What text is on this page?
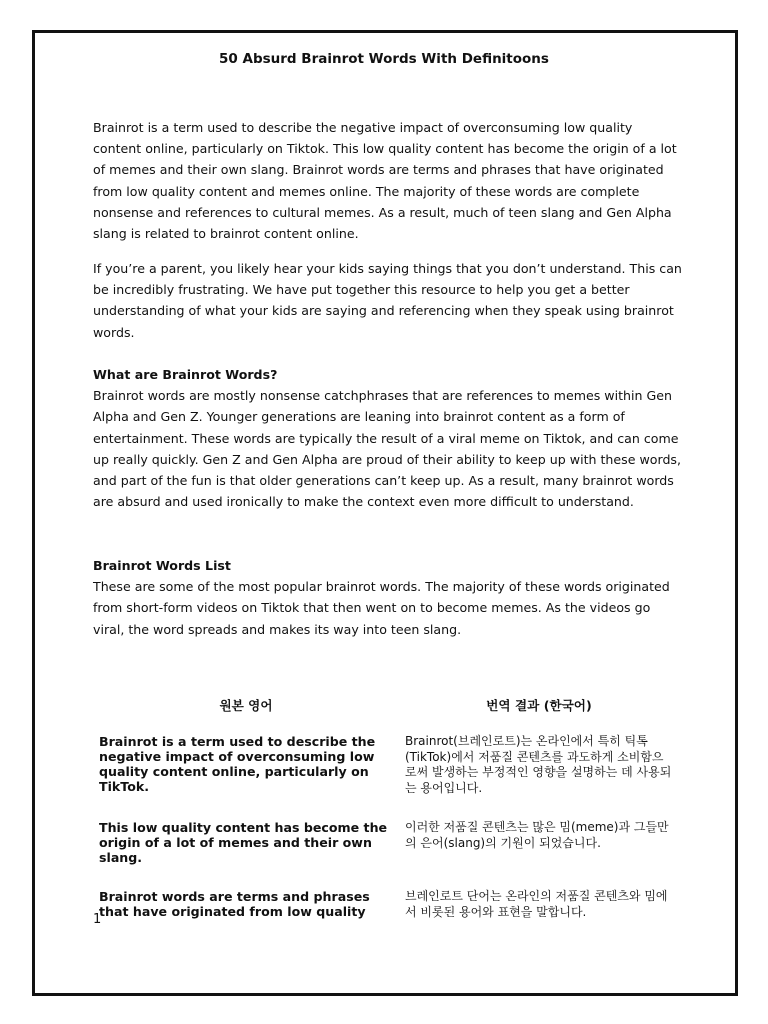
50 Absurd Brainrot Words With Definitoons

Brainrot is a term used to describe the negative impact of overconsuming low quality content online, particularly on Tiktok. This low quality content has become the origin of a lot of memes and their own slang. Brainrot words are terms and phrases that have originated from low quality content and memes online. The majority of these words are complete nonsense and references to cultural memes. As a result, much of teen slang and Gen Alpha slang is related to brainrot content online.

If you’re a parent, you likely hear your kids saying things that you don’t understand. This can be incredibly frustrating. We have put together this resource to help you get a better understanding of what your kids are saying and referencing when they speak using brainrot words.

What are Brainrot Words?

Brainrot words are mostly nonsense catchphrases that are references to memes within Gen Alpha and Gen Z. Younger generations are leaning into brainrot content as a form of entertainment. These words are typically the result of a viral meme on Tiktok, and can come up really quickly. Gen Z and Gen Alpha are proud of their ability to keep up with these words, and part of the fun is that older generations can’t keep up. As a result, many brainrot words are absurd and used ironically to make the context even more difficult to understand.

Brainrot Words List

These are some of the most popular brainrot words. The majority of these words originated from short-form videos on Tiktok that then went on to become memes. As the videos go viral, the word spreads and makes its way into teen slang.

원본 영어	번역 결과 (한국어)
Brainrot is a term used to describe the negative impact of overconsuming low quality content online, particularly on TikTok.	Brainrot(브레인로트)는 온라인에서 특히 틱톡(TikTok)에서 저품질 콘텐츠를 과도하게 소비함으로써 발생하는 부정적인 영향을 설명하는 데 사용되는 용어입니다.
This low quality content has become the origin of a lot of memes and their own slang.	이러한 저품질 콘텐츠는 많은 밈(meme)과 그들만의 은어(slang)의 기원이 되었습니다.
Brainrot words are terms and phrases that have originated from low quality	브레인로트 단어는 온라인의 저품질 콘텐츠와 밈에서 비롯된 용어와 표현을 말합니다.
1
